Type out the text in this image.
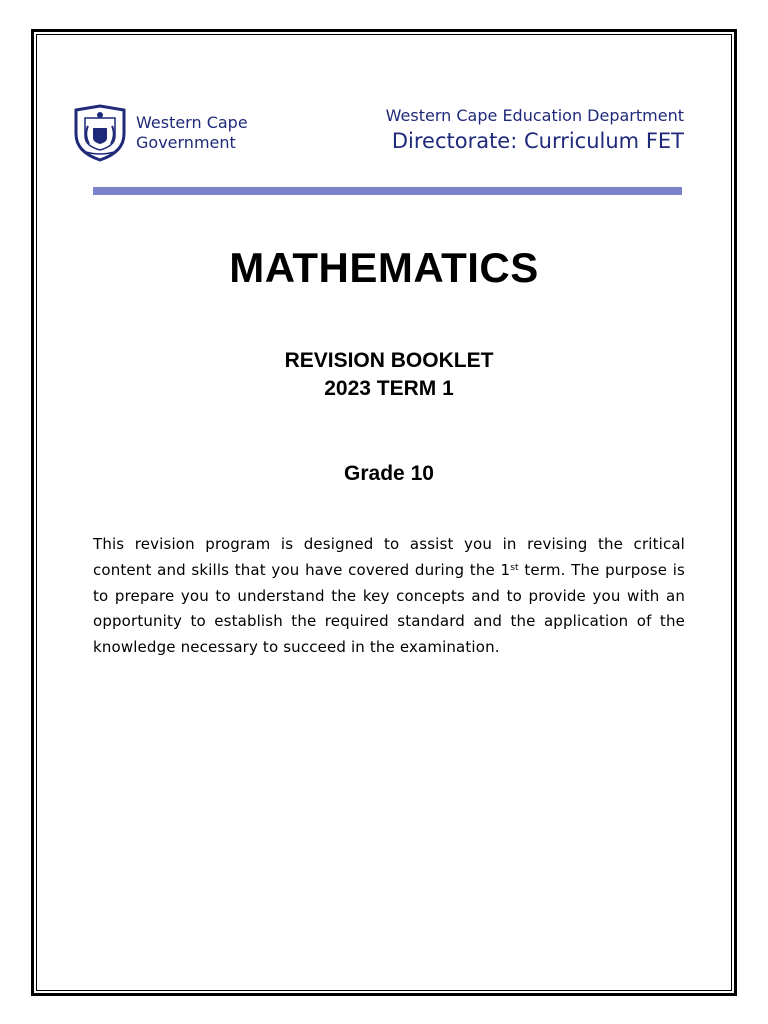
Western Cape
Government
Western Cape Education Department
Directorate: Curriculum FET
MATHEMATICS
REVISION BOOKLET
2023 TERM 1
Grade 10
This revision program is designed to assist you in revising the critical content and skills that you have covered during the 1st term. The purpose is to prepare you to understand the key concepts and to provide you with an opportunity to establish the required standard and the application of the knowledge necessary to succeed in the examination.
